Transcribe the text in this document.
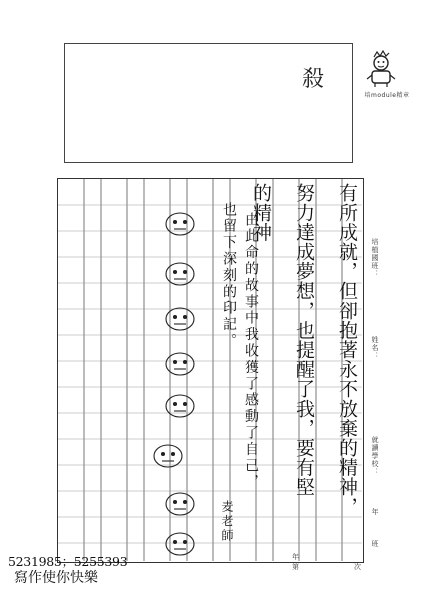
殺
培module精章
有所成就，但卻抱著永不放棄的精神，
努力達成夢想，也提醒了我，要有堅
的精神
由此命的故事中我收獲了感動了自己，
也留下深刻的印記。
麦老師
培植國班：
姓名：
就讀學校：
年
班
年
第	次
5231985；5255393
寫作使你快樂
